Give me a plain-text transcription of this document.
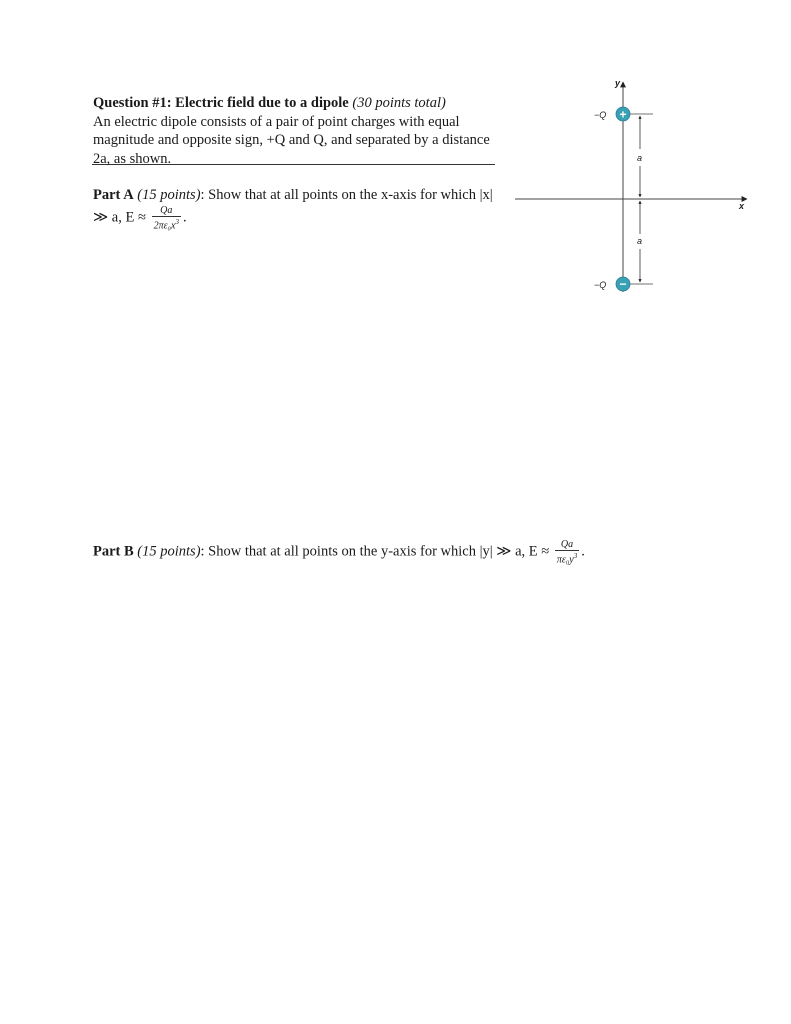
Question #1: Electric field due to a dipole (30 points total)
An electric dipole consists of a pair of point charges with equal magnitude and opposite sign, +Q and Q, and separated by a distance 2a, as shown.
Part A (15 points): Show that at all points on the x-axis for which |x| ≫ a, $E \approx \frac{Qa}{2\pi\varepsilon_0x^3}$ .
Part B (15 points): Show that at all points on the y-axis for which |y| ≫ a, $E \approx \frac{Qa}{\pi\varepsilon_0y^3}$ .
y
x
a
a
+
−Q
−
−Q
